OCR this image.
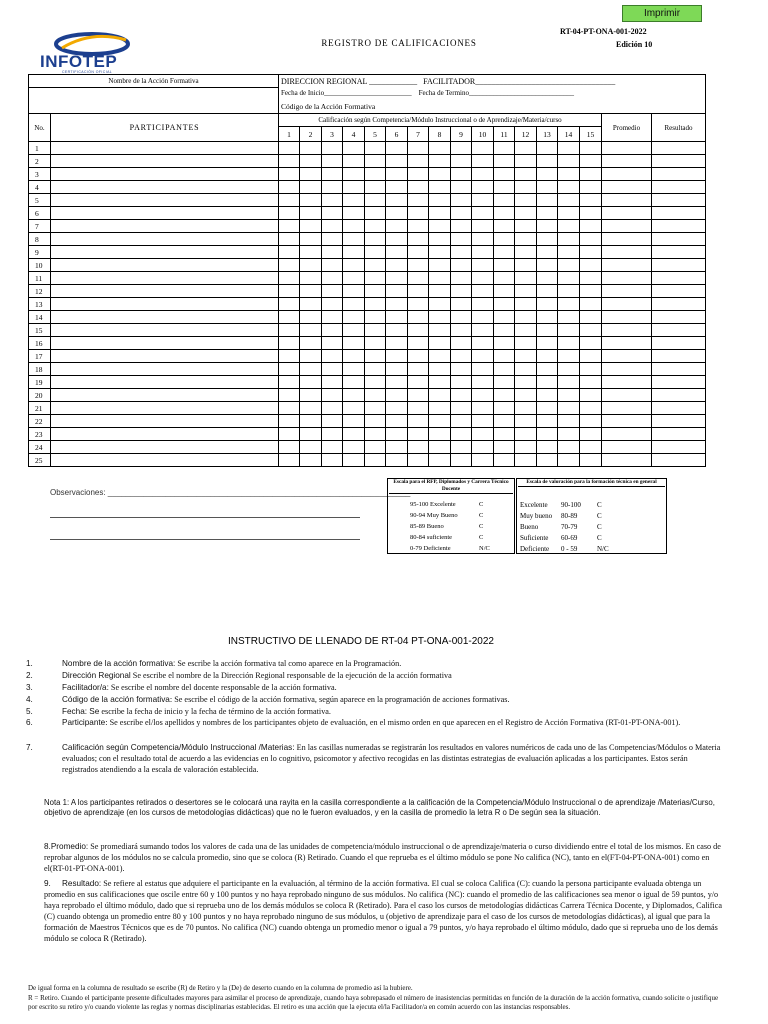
Imprimir
INFOTEP
CERTIFICACIÓN OFICIAL
REGISTRO DE CALIFICACIONES
RT-04-PT-ONA-001-2022
Edición 10
Nombre de la Acción Formativa		DIRECCION REGIONAL ____________ FACILITADOR___________________________________																
		Fecha de Inicio_________________________ Fecha de Termino______________________________																
		Código de la Acción Formativa																
No.	PARTICIPANTES	Calificación según Competencia/Módulo Instruccional o de Aprendizaje/Materia/curso															Promedio	Resultado
		1	2	3	4	5	6	7	8	9	10	11	12	13	14	15		
1																		
2																		
3																		
4																		
5																		
6																		
7																		
8																		
9																		
10																		
11																		
12																		
13																		
14																		
15																		
16																		
17																		
18																		
19																		
20																		
21																		
22																		
23																		
24																		
25																		
Observaciones: ____________________________________________________________________
Escala para el RFP, Diplomados y Carrera Técnico Docente
95-100 Excelente	C
90-94 Muy Bueno	C
85-89 Bueno	C
80-84 suficiente	C
0-79 Deficiente	N/C
Escala de valoración para la formación técnica en general
Excelente 90-100 C
Muy bueno 80-89	C
Bueno	70-79	C
Suficiente 60-69	C
Deficiente 0 - 59	N/C
INSTRUCTIVO DE LLENADO DE RT-04 PT-ONA-001-2022
1.	Nombre de la acción formativa: Se escribe la acción formativa tal como aparece en la Programación.
2.	Dirección Regional Se escribe el nombre de la Dirección Regional responsable de la ejecución de la acción formativa
3.	Facilitador/a: Se escribe el nombre del docente responsable de la acción formativa.
4.	Código de la acción formativa: Se escribe el código de la acción formativa, según aparece en la programación de acciones formativas.
5.	Fecha: Se escribe la fecha de inicio y la fecha de término de la acción formativa.
6.	Participante: Se escribe el/los apellidos y nombres de los participantes objeto de evaluación, en el mismo orden en que aparecen en el Registro de Acción Formativa (RT-01-PT-ONA-001).
7.	Calificación según Competencia/Módulo Instruccional /Materias: En las casillas numeradas se registrarán los resultados en valores numéricos de cada uno de las Competencias/Módulos o Materia evaluados; con el resultado total de acuerdo a las evidencias en lo cognitivo, psicomotor y afectivo recogidas en las distintas estrategias de evaluación aplicadas a los participantes. Estos serán registrados atendiendo a la escala de valoración establecida.
Nota 1: A los participantes retirados o desertores se le colocará una rayita en la casilla correspondiente a la calificación de la Competencia/Módulo Instruccional o de aprendizaje /Materias/Curso, objetivo de aprendizaje (en los cursos de metodologías didácticas) que no le fueron evaluados, y en la casilla de promedio la letra R o De según sea la situación.
8.Promedio: Se promediará sumando todos los valores de cada una de las unidades de competencia/módulo instruccional o de aprendizaje/materia o curso dividiendo entre el total de los mismos. En caso de reprobar algunos de los módulos no se calcula promedio, sino que se coloca (R) Retirado. Cuando el que reprueba es el último módulo se pone No califica (NC), tanto en el(FT-04-PT-ONA-001) como en el(RT-01-PT-ONA-001).
9. Resultado: Se refiere al estatus que adquiere el participante en la evaluación, al término de la acción formativa. El cual se coloca Califica (C): cuando la persona participante evaluada obtenga un promedio en sus calificaciones que oscile entre 60 y 100 puntos y no haya reprobado ninguno de sus módulos. No califica (NC): cuando el promedio de las calificaciones sea menor o igual de 59 puntos, y/o haya reprobado el último módulo, dado que si reprueba uno de los demás módulos se coloca R (Retirado). Para el caso los cursos de metodologías didácticas Carrera Técnica Docente, y Diplomados, Califica (C) cuando obtenga un promedio entre 80 y 100 puntos y no haya reprobado ninguno de sus módulos, u (objetivo de aprendizaje para el caso de los cursos de metodologías didácticas), al igual que para la formación de Maestros Técnicos que es de 70 puntos. No califica (NC) cuando obtenga un promedio menor o igual a 79 puntos, y/o haya reprobado el último módulo, dado que si reprueba uno de los demás módulo se coloca R (Retirado).
De igual forma en la columna de resultado se escribe (R) de Retiro y la (De) de deserto cuando en la columna de promedio así la hubiere.
R = Retiro. Cuando el participante presente dificultades mayores para asimilar el proceso de aprendizaje, cuando haya sobrepasado el número de inasistencias permitidas en función de la duración de la acción formativa, cuando solicite o justifique por escrito su retiro y/o cuando violente las reglas y normas disciplinarias establecidas. El retiro es una acción que la ejecuta el/la Facilitador/a en común acuerdo con las instancias responsables.
